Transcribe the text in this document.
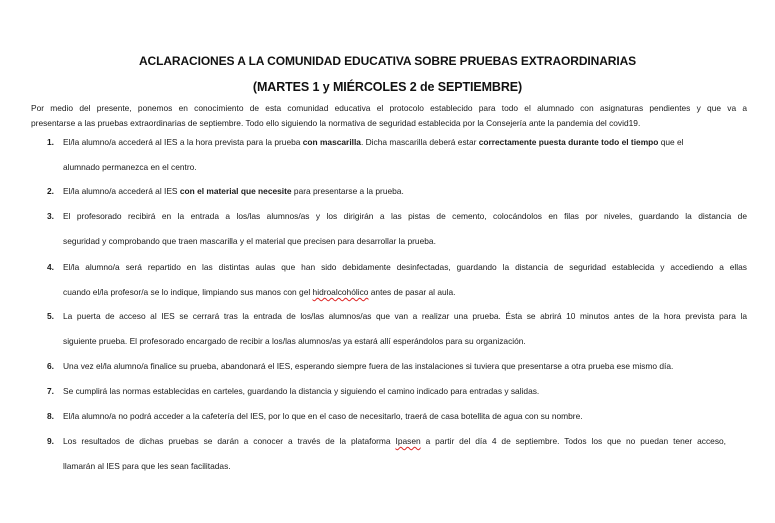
ACLARACIONES A LA COMUNIDAD EDUCATIVA SOBRE PRUEBAS EXTRAORDINARIAS
(MARTES 1 y MIÉRCOLES 2 de SEPTIEMBRE)
Por medio del presente, ponemos en conocimiento de esta comunidad educativa el protocolo establecido para todo el alumnado con asignaturas pendientes y que va a
presentarse a las pruebas extraordinarias de septiembre. Todo ello siguiendo la normativa de seguridad establecida por la Consejería ante la pandemia del covid19.
1.	El/la alumno/a accederá al IES a la hora prevista para la prueba con mascarilla. Dicha mascarilla deberá estar correctamente puesta durante todo el tiempo que el
alumnado permanezca en el centro.
2.	El/la alumno/a accederá al IES con el material que necesite para presentarse a la prueba.
3.	El profesorado recibirá en la entrada a los/las alumnos/as y los dirigirán a las pistas de cemento, colocándolos en filas por niveles, guardando la distancia de
seguridad y comprobando que traen mascarilla y el material que precisen para desarrollar la prueba.
4.	El/la alumno/a será repartido en las distintas aulas que han sido debidamente desinfectadas, guardando la distancia de seguridad establecida y accediendo a ellas
cuando el/la profesor/a se lo indique, limpiando sus manos con gel hidroalcohólico antes de pasar al aula.
5.	La puerta de acceso al IES se cerrará tras la entrada de los/las alumnos/as que van a realizar una prueba. Ésta se abrirá 10 minutos antes de la hora prevista para la
siguiente prueba. El profesorado encargado de recibir a los/las alumnos/as ya estará allí esperándolos para su organización.
6.	Una vez el/la alumno/a finalice su prueba, abandonará el IES, esperando siempre fuera de las instalaciones si tuviera que presentarse a otra prueba ese mismo día.
7.	Se cumplirá las normas establecidas en carteles, guardando la distancia y siguiendo el camino indicado para entradas y salidas.
8.	El/la alumno/a no podrá acceder a la cafetería del IES, por lo que en el caso de necesitarlo, traerá de casa botellita de agua con su nombre.
9.	Los resultados de dichas pruebas se darán a conocer a través de la plataforma Ipasen a partir del día 4 de septiembre. Todos los que no puedan tener acceso,
llamarán al IES para que les sean facilitadas.
